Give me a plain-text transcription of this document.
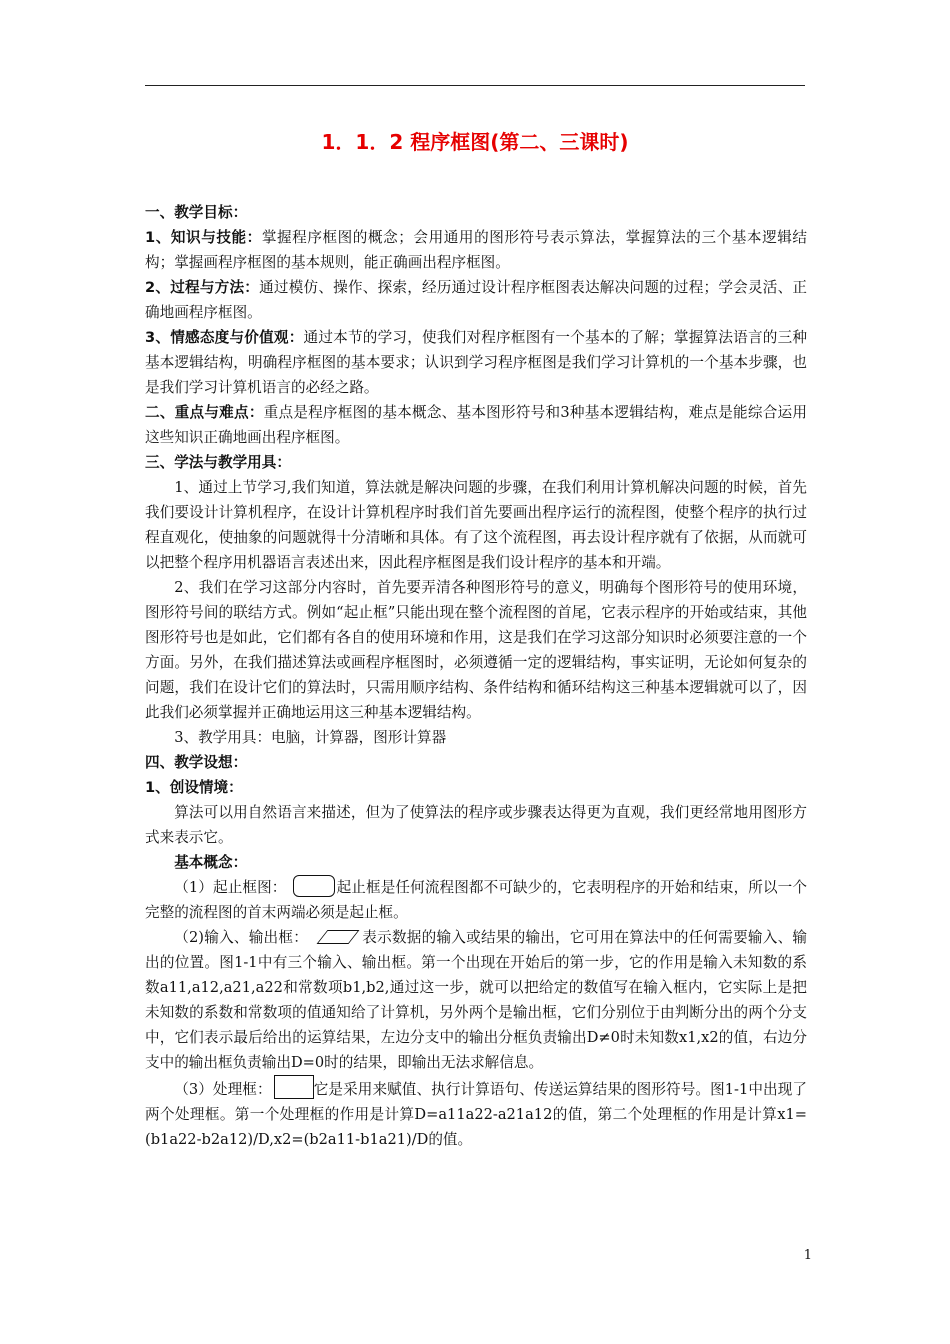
1．1．2 程序框图(第二、三课时)

一、教学目标：

1、知识与技能：掌握程序框图的概念；会用通用的图形符号表示算法，掌握算法的三个基本逻辑结构；掌握画程序框图的基本规则，能正确画出程序框图。

2、过程与方法：通过模仿、操作、探索，经历通过设计程序框图表达解决问题的过程；学会灵活、正确地画程序框图。

3、情感态度与价值观：通过本节的学习，使我们对程序框图有一个基本的了解；掌握算法语言的三种基本逻辑结构，明确程序框图的基本要求；认识到学习程序框图是我们学习计算机的一个基本步骤，也是我们学习计算机语言的必经之路。

二、重点与难点：重点是程序框图的基本概念、基本图形符号和3种基本逻辑结构，难点是能综合运用这些知识正确地画出程序框图。

三、学法与教学用具：

1、通过上节学习,我们知道，算法就是解决问题的步骤，在我们利用计算机解决问题的时候，首先我们要设计计算机程序，在设计计算机程序时我们首先要画出程序运行的流程图，使整个程序的执行过程直观化，使抽象的问题就得十分清晰和具体。有了这个流程图，再去设计程序就有了依据，从而就可以把整个程序用机器语言表述出来，因此程序框图是我们设计程序的基本和开端。

2、我们在学习这部分内容时，首先要弄清各种图形符号的意义，明确每个图形符号的使用环境，图形符号间的联结方式。例如“起止框”只能出现在整个流程图的首尾，它表示程序的开始或结束，其他图形符号也是如此，它们都有各自的使用环境和作用，这是我们在学习这部分知识时必须要注意的一个方面。另外，在我们描述算法或画程序框图时，必须遵循一定的逻辑结构，事实证明，无论如何复杂的问题，我们在设计它们的算法时，只需用顺序结构、条件结构和循环结构这三种基本逻辑就可以了，因此我们必须掌握并正确地运用这三种基本逻辑结构。

3、教学用具：电脑，计算器，图形计算器

四、教学设想：

1、创设情境：

算法可以用自然语言来描述，但为了使算法的程序或步骤表达得更为直观，我们更经常地用图形方式来表示它。

基本概念：

（1）起止框图：	起止框是任何流程图都不可缺少的，它表明程序的开始和结束，所以一个完整的流程图的首末两端必须是起止框。

（2)输入、输出框：	表示数据的输入或结果的输出，它可用在算法中的任何需要输入、输出的位置。图1-1中有三个输入、输出框。第一个出现在开始后的第一步，它的作用是输入未知数的系数a11,a12,a21,a22和常数项b1,b2,通过这一步，就可以把给定的数值写在输入框内，它实际上是把未知数的系数和常数项的值通知给了计算机，另外两个是输出框，它们分别位于由判断分出的两个分支中，它们表示最后给出的运算结果，左边分支中的输出分框负责输出D≠0时未知数x1,x2的值，右边分支中的输出框负责输出D=0时的结果，即输出无法求解信息。

（3）处理框：	它是采用来赋值、执行计算语句、传送运算结果的图形符号。图1-1中出现了两个处理框。第一个处理框的作用是计算D=a11a22-a21a12的值，第二个处理框的作用是计算x1=(b1a22-b2a12)/D,x2=(b2a11-b1a21)/D的值。

1
